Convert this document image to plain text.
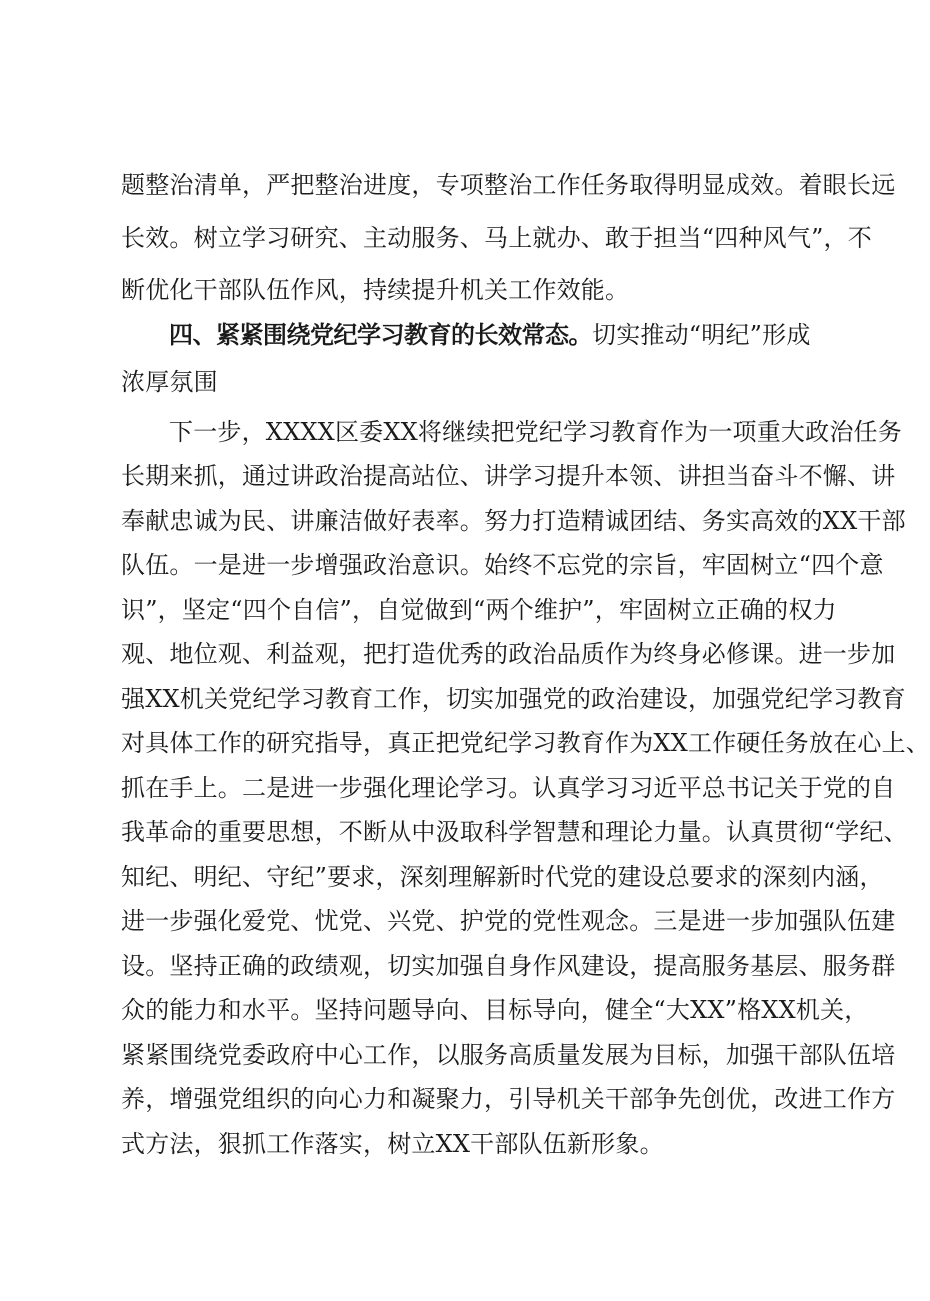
题整治清单，严把整治进度，专项整治工作任务取得明显成效。着眼长远
长效。树立学习研究、主动服务、马上就办、敢于担当“四种风气”，不
断优化干部队伍作风，持续提升机关工作效能。
四、紧紧围绕党纪学习教育的长效常态。切实推动“明纪”形成
浓厚氛围
下一步，XXXX区委XX将继续把党纪学习教育作为一项重大政治任务
长期来抓，通过讲政治提高站位、讲学习提升本领、讲担当奋斗不懈、讲
奉献忠诚为民、讲廉洁做好表率。努力打造精诚团结、务实高效的XX干部
队伍。一是进一步增强政治意识。始终不忘党的宗旨，牢固树立“四个意
识”，坚定“四个自信”，自觉做到“两个维护”，牢固树立正确的权力
观、地位观、利益观，把打造优秀的政治品质作为终身必修课。进一步加
强XX机关党纪学习教育工作，切实加强党的政治建设，加强党纪学习教育
对具体工作的研究指导，真正把党纪学习教育作为XX工作硬任务放在心上、
抓在手上。二是进一步强化理论学习。认真学习习近平总书记关于党的自
我革命的重要思想，不断从中汲取科学智慧和理论力量。认真贯彻“学纪、
知纪、明纪、守纪”要求，深刻理解新时代党的建设总要求的深刻内涵，
进一步强化爱党、忧党、兴党、护党的党性观念。三是进一步加强队伍建
设。坚持正确的政绩观，切实加强自身作风建设，提高服务基层、服务群
众的能力和水平。坚持问题导向、目标导向，健全“大XX”格XX机关，
紧紧围绕党委政府中心工作，以服务高质量发展为目标，加强干部队伍培
养，增强党组织的向心力和凝聚力，引导机关干部争先创优，改进工作方
式方法，狠抓工作落实，树立XX干部队伍新形象。
